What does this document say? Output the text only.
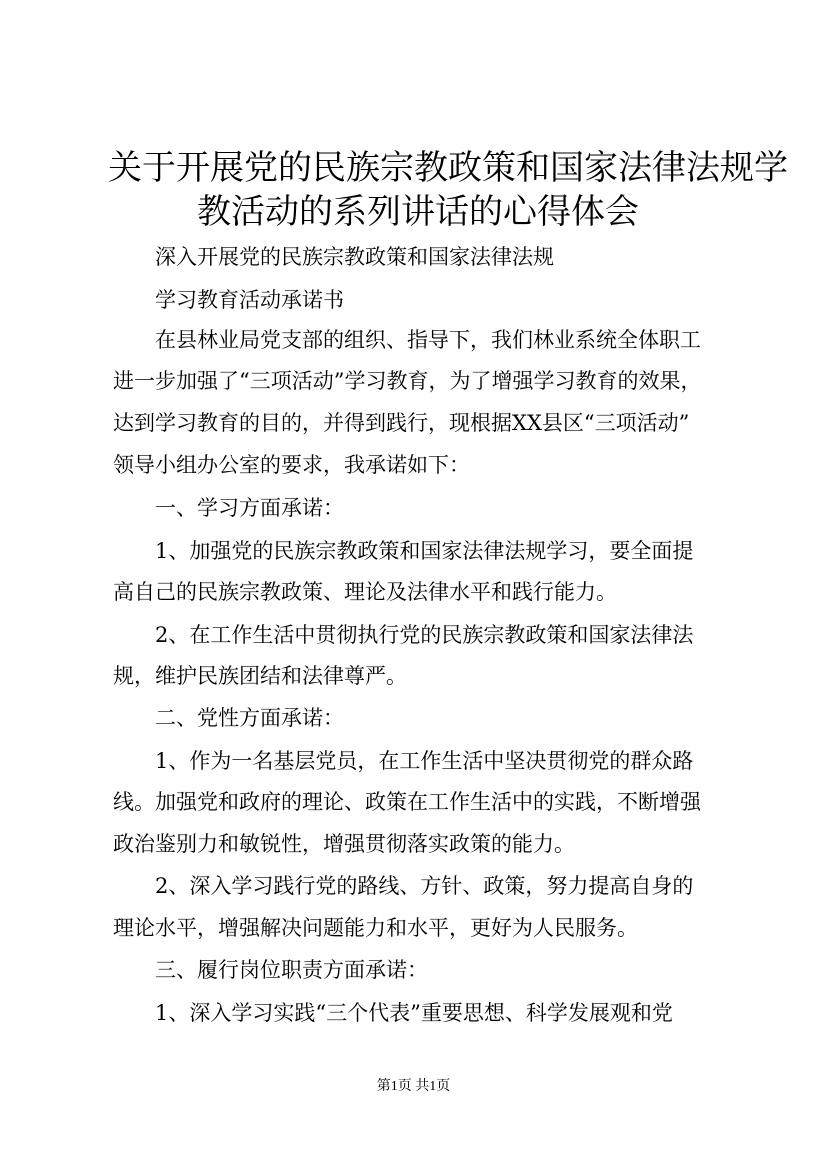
关于开展党的民族宗教政策和国家法律法规学
教活动的系列讲话的心得体会

深入开展党的民族宗教政策和国家法律法规

学习教育活动承诺书

在县林业局党支部的组织、指导下，我们林业系统全体职工

进一步加强了“三项活动”学习教育，为了增强学习教育的效果，

达到学习教育的目的，并得到践行，现根据XX县区“三项活动”

领导小组办公室的要求，我承诺如下：

一、学习方面承诺：

1、加强党的民族宗教政策和国家法律法规学习，要全面提

高自己的民族宗教政策、理论及法律水平和践行能力。

2、在工作生活中贯彻执行党的民族宗教政策和国家法律法

规，维护民族团结和法律尊严。

二、党性方面承诺：

1、作为一名基层党员，在工作生活中坚决贯彻党的群众路

线。加强党和政府的理论、政策在工作生活中的实践，不断增强

政治鉴别力和敏锐性，增强贯彻落实政策的能力。

2、深入学习践行党的路线、方针、政策，努力提高自身的

理论水平，增强解决问题能力和水平，更好为人民服务。

三、履行岗位职责方面承诺：

1、深入学习实践“三个代表”重要思想、科学发展观和党

第1页 共1页
